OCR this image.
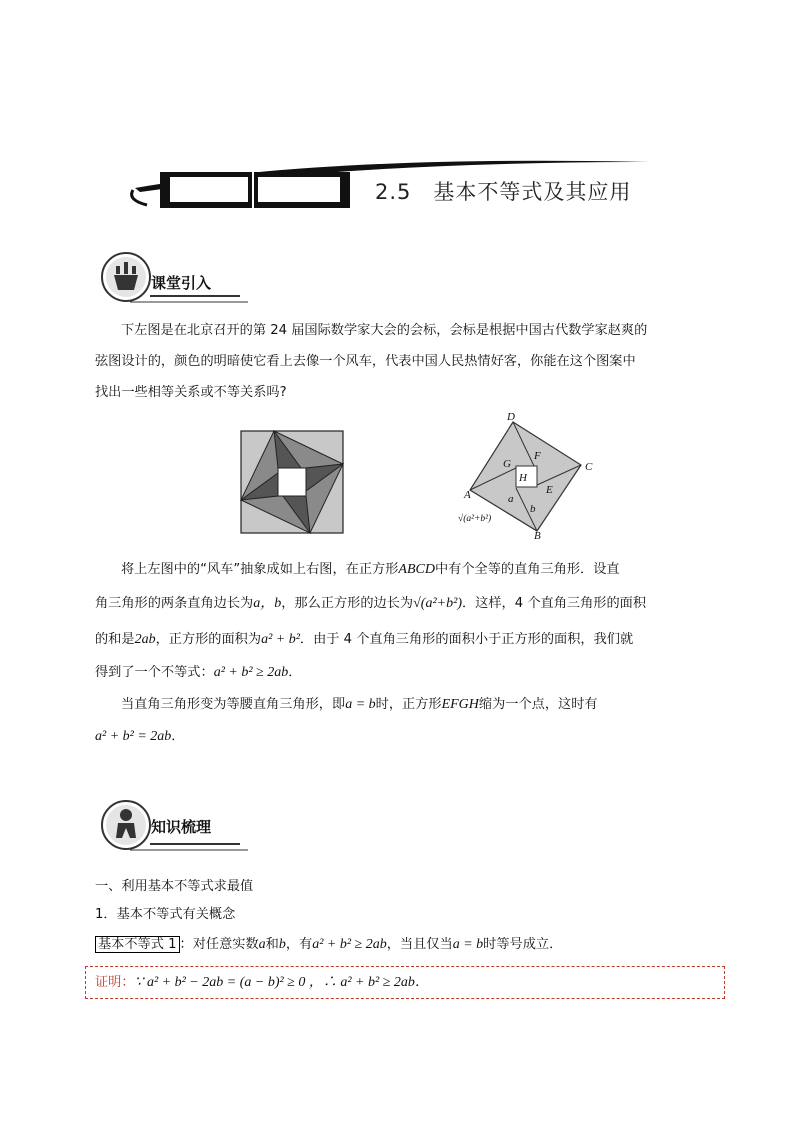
2.5　基本不等式及其应用
课堂引入
下左图是在北京召开的第 24 届国际数学家大会的会标，会标是根据中国古代数学家赵爽的
弦图设计的，颜色的明暗使它看上去像一个风车，代表中国人民热情好客，你能在这个图案中
找出一些相等关系或不等关系吗?
D
C
A
B
E
F
G
H
a
b
√(a²+b²)
将上左图中的“风车”抽象成如上右图，在正方形ABCD中有个全等的直角三角形．设直
角三角形的两条直角边长为a，b，那么正方形的边长为√(a²+b²)．这样，4 个直角三角形的面积
的和是2ab，正方形的面积为a² + b²．由于 4 个直角三角形的面积小于正方形的面积，我们就
得到了一个不等式：a² + b² ≥ 2ab．
当直角三角形变为等腰直角三角形，即a = b时，正方形EFGH缩为一个点，这时有
a² + b² = 2ab．
知识梳理
一、利用基本不等式求最值
1．基本不等式有关概念
基本不等式 1 ：对任意实数a和b，有a² + b² ≥ 2ab，当且仅当a = b时等号成立．
证明：∵ a² + b² − 2ab = (a − b)² ≥ 0 ，∴ a² + b² ≥ 2ab．
